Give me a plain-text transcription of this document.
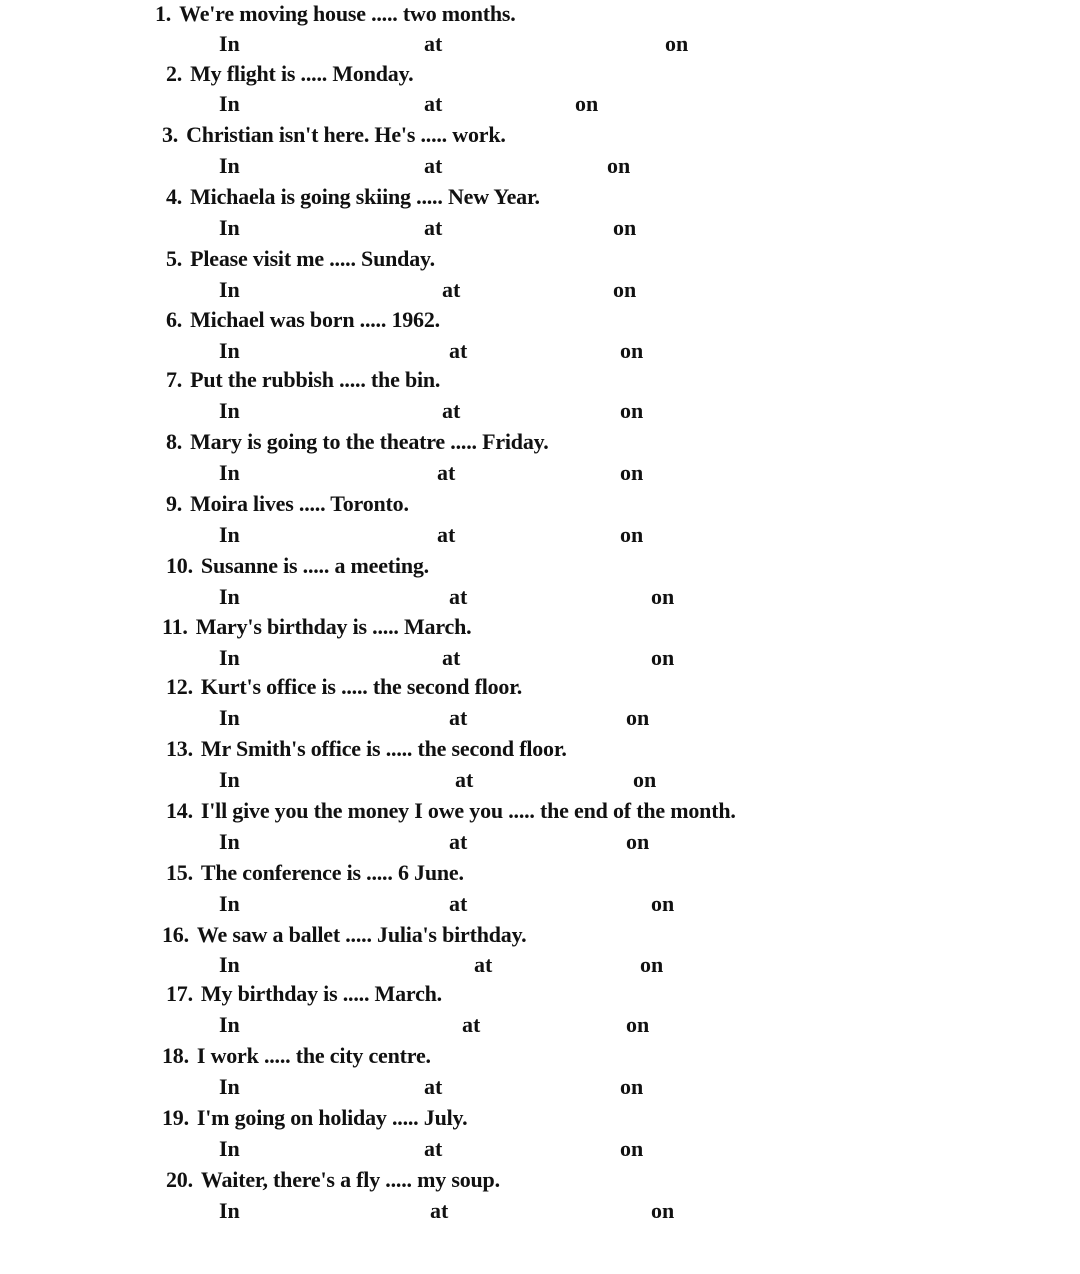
1. We're moving house ..... two months.
In	at	on
2. My flight is ..... Monday.
In	at	on
3. Christian isn't here. He's ..... work.
In	at	on
4. Michaela is going skiing ..... New Year.
In	at	on
5. Please visit me ..... Sunday.
In	at	on
6. Michael was born ..... 1962.
In	at	on
7. Put the rubbish ..... the bin.
In	at	on
8. Mary is going to the theatre ..... Friday.
In	at	on
9. Moira lives ..... Toronto.
In	at	on
10. Susanne is ..... a meeting.
In	at	on
11. Mary's birthday is ..... March.
In	at	on
12. Kurt's office is ..... the second floor.
In	at	on
13. Mr Smith's office is ..... the second floor.
In	at	on
14. I'll give you the money I owe you ..... the end of the month.
In	at	on
15. The conference is ..... 6 June.
In	at	on
16. We saw a ballet ..... Julia's birthday.
In	at	on
17. My birthday is ..... March.
In	at	on
18. I work ..... the city centre.
In	at	on
19. I'm going on holiday ..... July.
In	at	on
20. Waiter, there's a fly ..... my soup.
In	at	on
